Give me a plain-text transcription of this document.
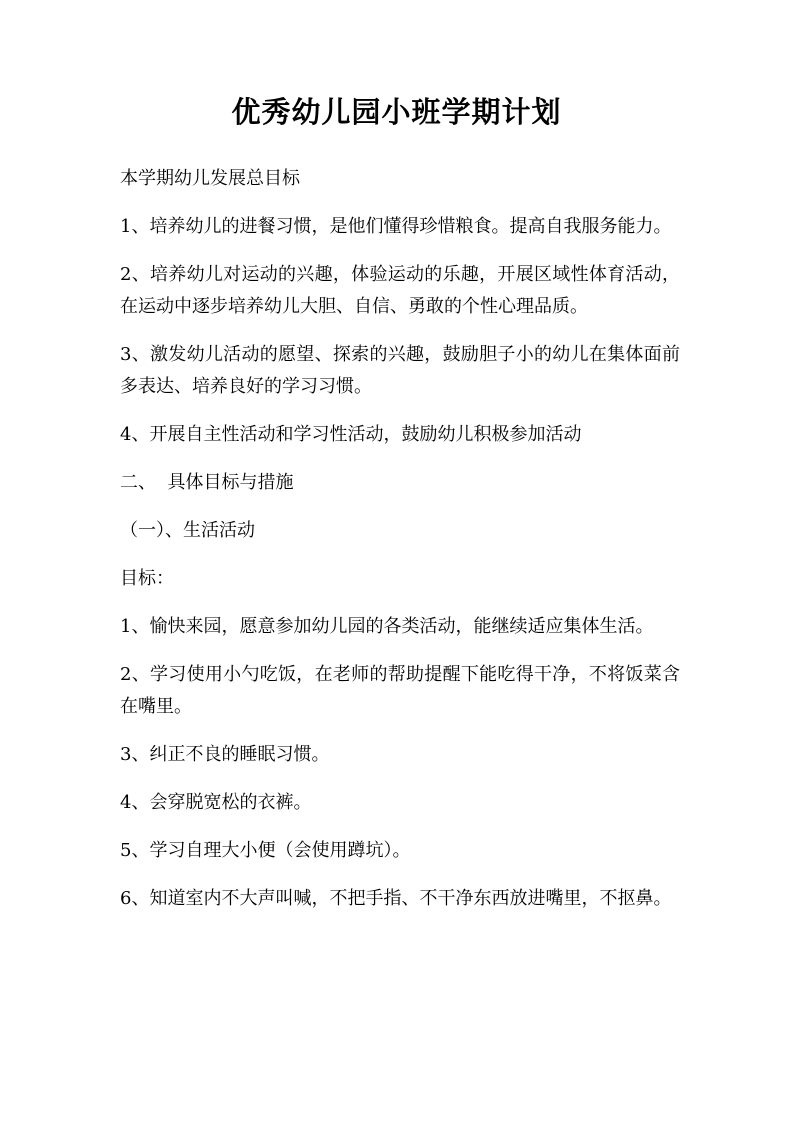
优秀幼儿园小班学期计划

本学期幼儿发展总目标

1、培养幼儿的进餐习惯，是他们懂得珍惜粮食。提高自我服务能力。

2、培养幼儿对运动的兴趣，体验运动的乐趣，开展区域性体育活动，在运动中逐步培养幼儿大胆、自信、勇敢的个性心理品质。

3、激发幼儿活动的愿望、探索的兴趣，鼓励胆子小的幼儿在集体面前多表达、培养良好的学习习惯。

4、开展自主性活动和学习性活动，鼓励幼儿积极参加活动

二、  具体目标与措施

（一）、生活活动

目标：

1、愉快来园，愿意参加幼儿园的各类活动，能继续适应集体生活。

2、学习使用小勺吃饭，在老师的帮助提醒下能吃得干净，不将饭菜含在嘴里。

3、纠正不良的睡眠习惯。

4、会穿脱宽松的衣裤。

5、学习自理大小便（会使用蹲坑）。

6、知道室内不大声叫喊，不把手指、不干净东西放进嘴里，不抠鼻。
